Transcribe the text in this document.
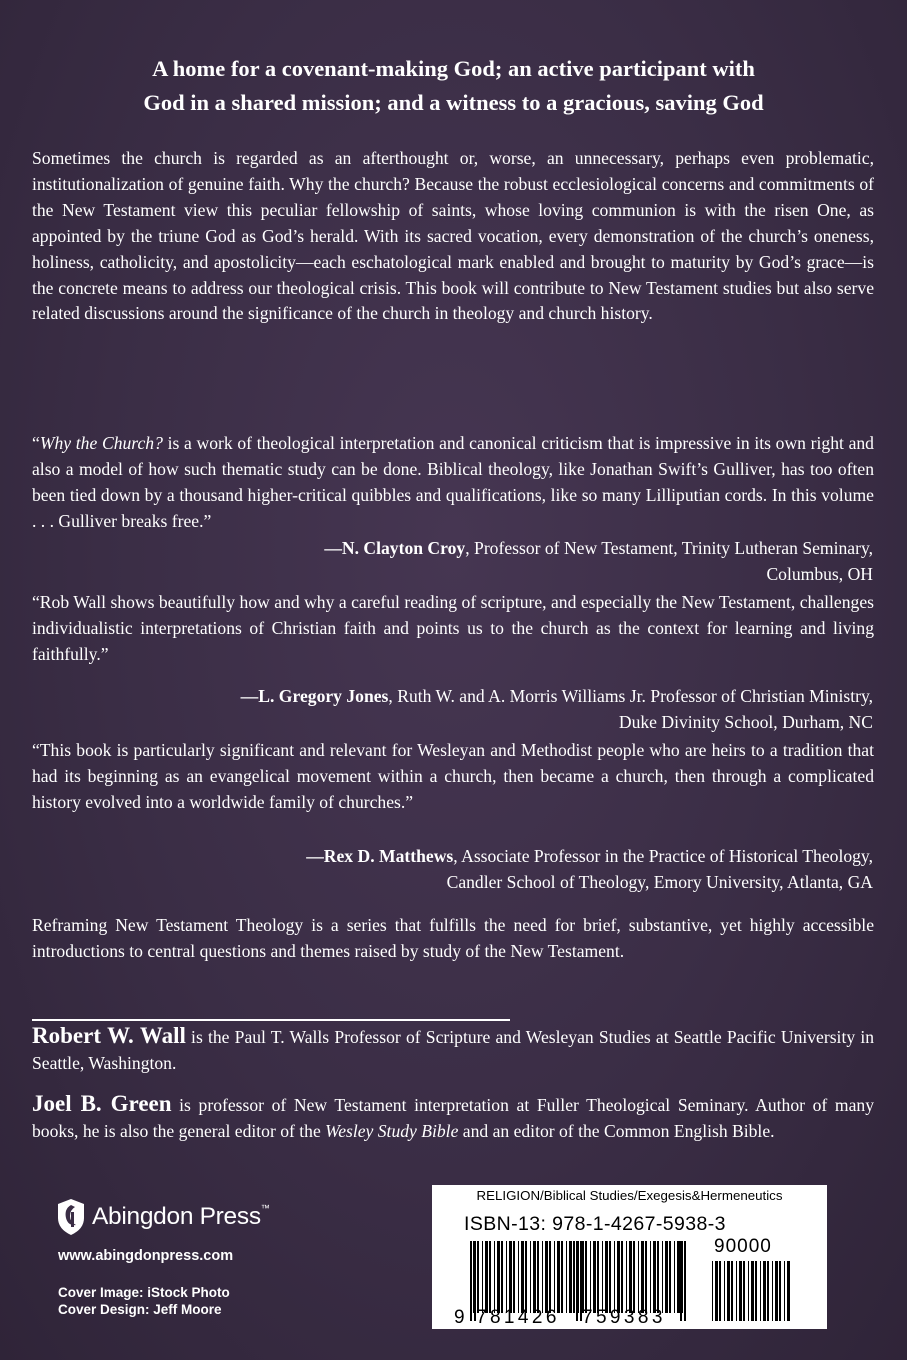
A home for a covenant-making God; an active participant with
God in a shared mission; and a witness to a gracious, saving God

Sometimes the church is regarded as an afterthought or, worse, an unnecessary, perhaps even problematic, institutionalization of genuine faith. Why the church? Because the robust ecclesiological concerns and commitments of the New Testament view this peculiar fellowship of saints, whose loving communion is with the risen One, as appointed by the triune God as God’s herald. With its sacred vocation, every demonstration of the church’s oneness, holiness, catholicity, and apostolicity—each eschatological mark enabled and brought to maturity by God’s grace—is the concrete means to address our theological crisis. This book will contribute to New Testament studies but also serve related discussions around the significance of the church in theology and church history.

“Why the Church? is a work of theological interpretation and canonical criticism that is impressive in its own right and also a model of how such thematic study can be done. Biblical theology, like Jonathan Swift’s Gulliver, has too often been tied down by a thousand higher-critical quibbles and qualifications, like so many Lilliputian cords. In this volume . . . Gulliver breaks free.”

—N. Clayton Croy, Professor of New Testament, Trinity Lutheran Seminary,
Columbus, OH

“Rob Wall shows beautifully how and why a careful reading of scripture, and especially the New Testament, challenges individualistic interpretations of Christian faith and points us to the church as the context for learning and living faithfully.”

—L. Gregory Jones, Ruth W. and A. Morris Williams Jr. Professor of Christian Ministry,
Duke Divinity School, Durham, NC

“This book is particularly significant and relevant for Wesleyan and Methodist people who are heirs to a tradition that had its beginning as an evangelical movement within a church, then became a church, then through a complicated history evolved into a worldwide family of churches.”

—Rex D. Matthews, Associate Professor in the Practice of Historical Theology,
Candler School of Theology, Emory University, Atlanta, GA

Reframing New Testament Theology is a series that fulfills the need for brief, substantive, yet highly accessible introductions to central questions and themes raised by study of the New Testament.

Robert W. Wall is the Paul T. Walls Professor of Scripture and Wesleyan Studies at Seattle Pacific University in Seattle, Washington.

Joel B. Green is professor of New Testament interpretation at Fuller Theological Seminary. Author of many books, he is also the general editor of the Wesley Study Bible and an editor of the Common English Bible.

Abingdon Press™
www.abingdonpress.com
Cover Image: iStock Photo
Cover Design: Jeff Moore
RELIGION/Biblical Studies/Exegesis&Hermeneutics
ISBN-13: 978-1-4267-5938-3
90000
9 781426 759383
